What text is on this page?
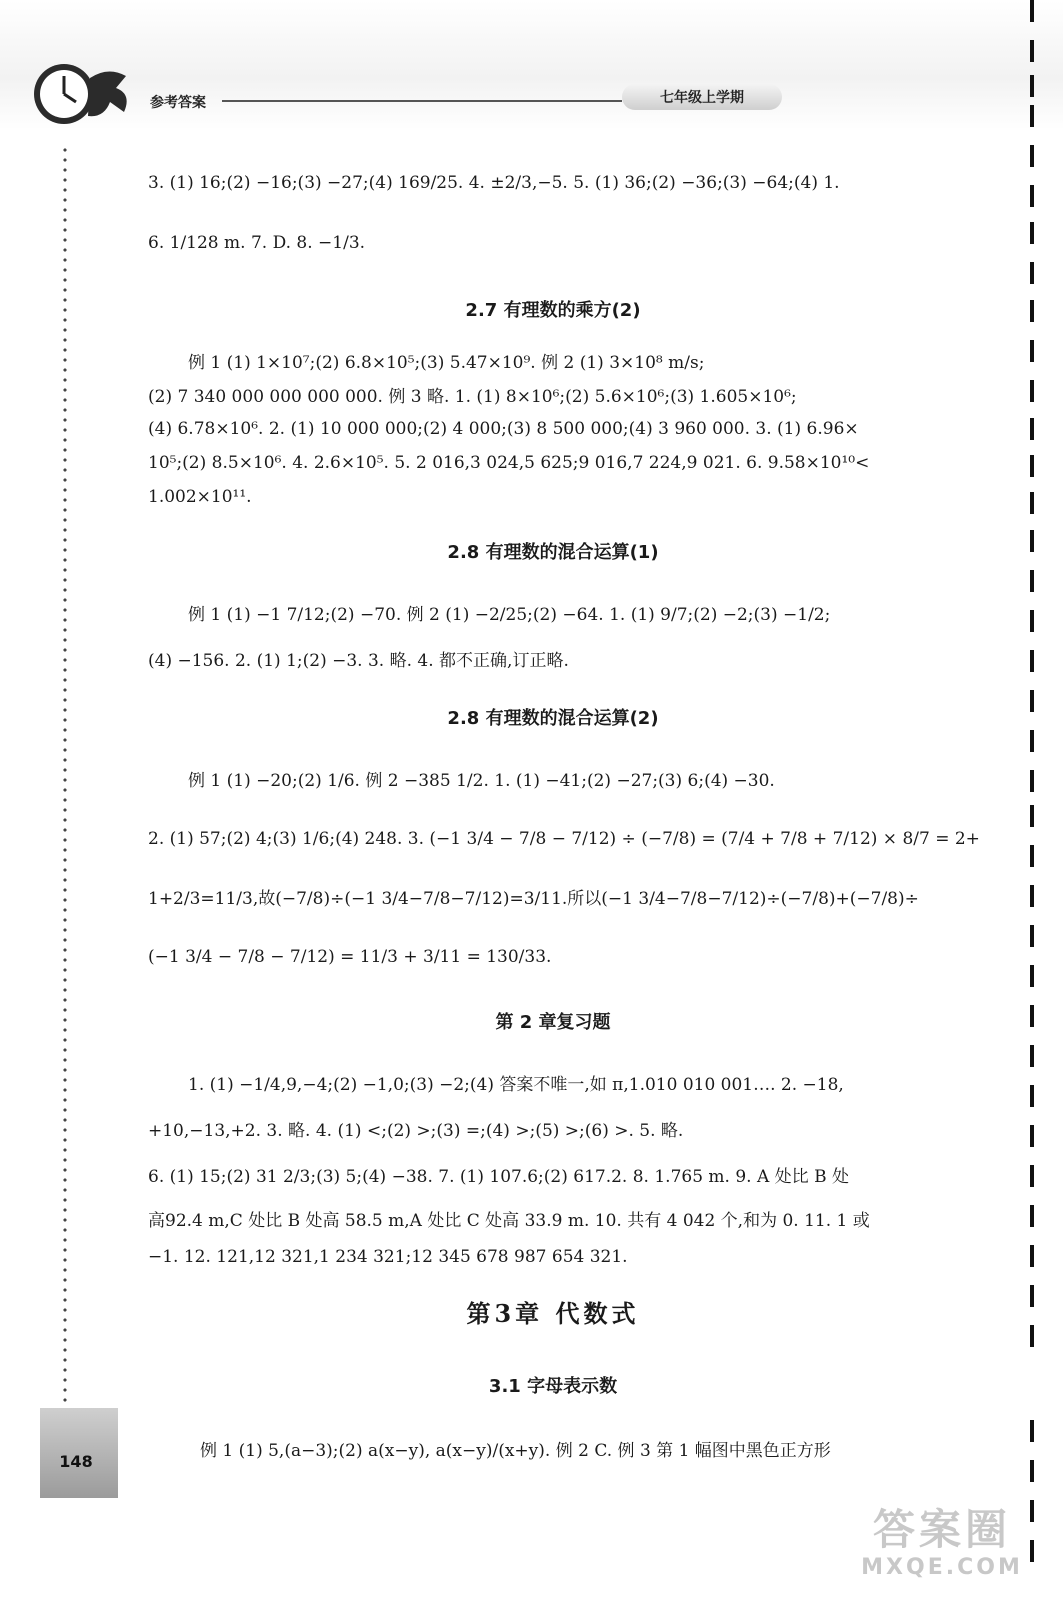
参考答案	七年级上学期
3. (1) 16;(2) −16;(3) −27;(4) 169/25. 4. ±2/3,−5. 5. (1) 36;(2) −36;(3) −64;(4) 1.
6. 1/128 m. 7. D. 8. −1/3.
2.7 有理数的乘方(2)
例 1 (1) 1×10⁷;(2) 6.8×10⁵;(3) 5.47×10⁹. 例 2 (1) 3×10⁸ m/s;
(2) 7 340 000 000 000 000. 例 3 略. 1. (1) 8×10⁶;(2) 5.6×10⁶;(3) 1.605×10⁶;
(4) 6.78×10⁶. 2. (1) 10 000 000;(2) 4 000;(3) 8 500 000;(4) 3 960 000. 3. (1) 6.96×
10⁵;(2) 8.5×10⁶. 4. 2.6×10⁵. 5. 2 016,3 024,5 625;9 016,7 224,9 021. 6. 9.58×10¹⁰<
1.002×10¹¹.
2.8 有理数的混合运算(1)
例 1 (1) −1 7/12;(2) −70. 例 2 (1) −2/25;(2) −64. 1. (1) 9/7;(2) −2;(3) −1/2;
(4) −156. 2. (1) 1;(2) −3. 3. 略. 4. 都不正确,订正略.
2.8 有理数的混合运算(2)
例 1 (1) −20;(2) 1/6. 例 2 −385 1/2. 1. (1) −41;(2) −27;(3) 6;(4) −30.
2. (1) 57;(2) 4;(3) 1/6;(4) 248. 3. (−1 3/4 − 7/8 − 7/12) ÷ (−7/8) = (7/4 + 7/8 + 7/12) × 8/7 = 2+
1+2/3=11/3,故(−7/8)÷(−1 3/4−7/8−7/12)=3/11.所以(−1 3/4−7/8−7/12)÷(−7/8)+(−7/8)÷
(−1 3/4 − 7/8 − 7/12) = 11/3 + 3/11 = 130/33.
第 2 章复习题
1. (1) −1/4,9,−4;(2) −1,0;(3) −2;(4) 答案不唯一,如 π,1.010 010 001…. 2. −18,
+10,−13,+2. 3. 略. 4. (1) <;(2) >;(3) =;(4) >;(5) >;(6) >. 5. 略.
6. (1) 15;(2) 31 2/3;(3) 5;(4) −38. 7. (1) 107.6;(2) 617.2. 8. 1.765 m. 9. A 处比 B 处
高92.4 m,C 处比 B 处高 58.5 m,A 处比 C 处高 33.9 m. 10. 共有 4 042 个,和为 0. 11. 1 或
−1. 12. 121,12 321,1 234 321;12 345 678 987 654 321.
第3章 代数式
3.1 字母表示数
例 1 (1) 5,(a−3);(2) a(x−y), a(x−y)/(x+y). 例 2 C. 例 3 第 1 幅图中黑色正方形
148
答案圈
MXQE.COM
